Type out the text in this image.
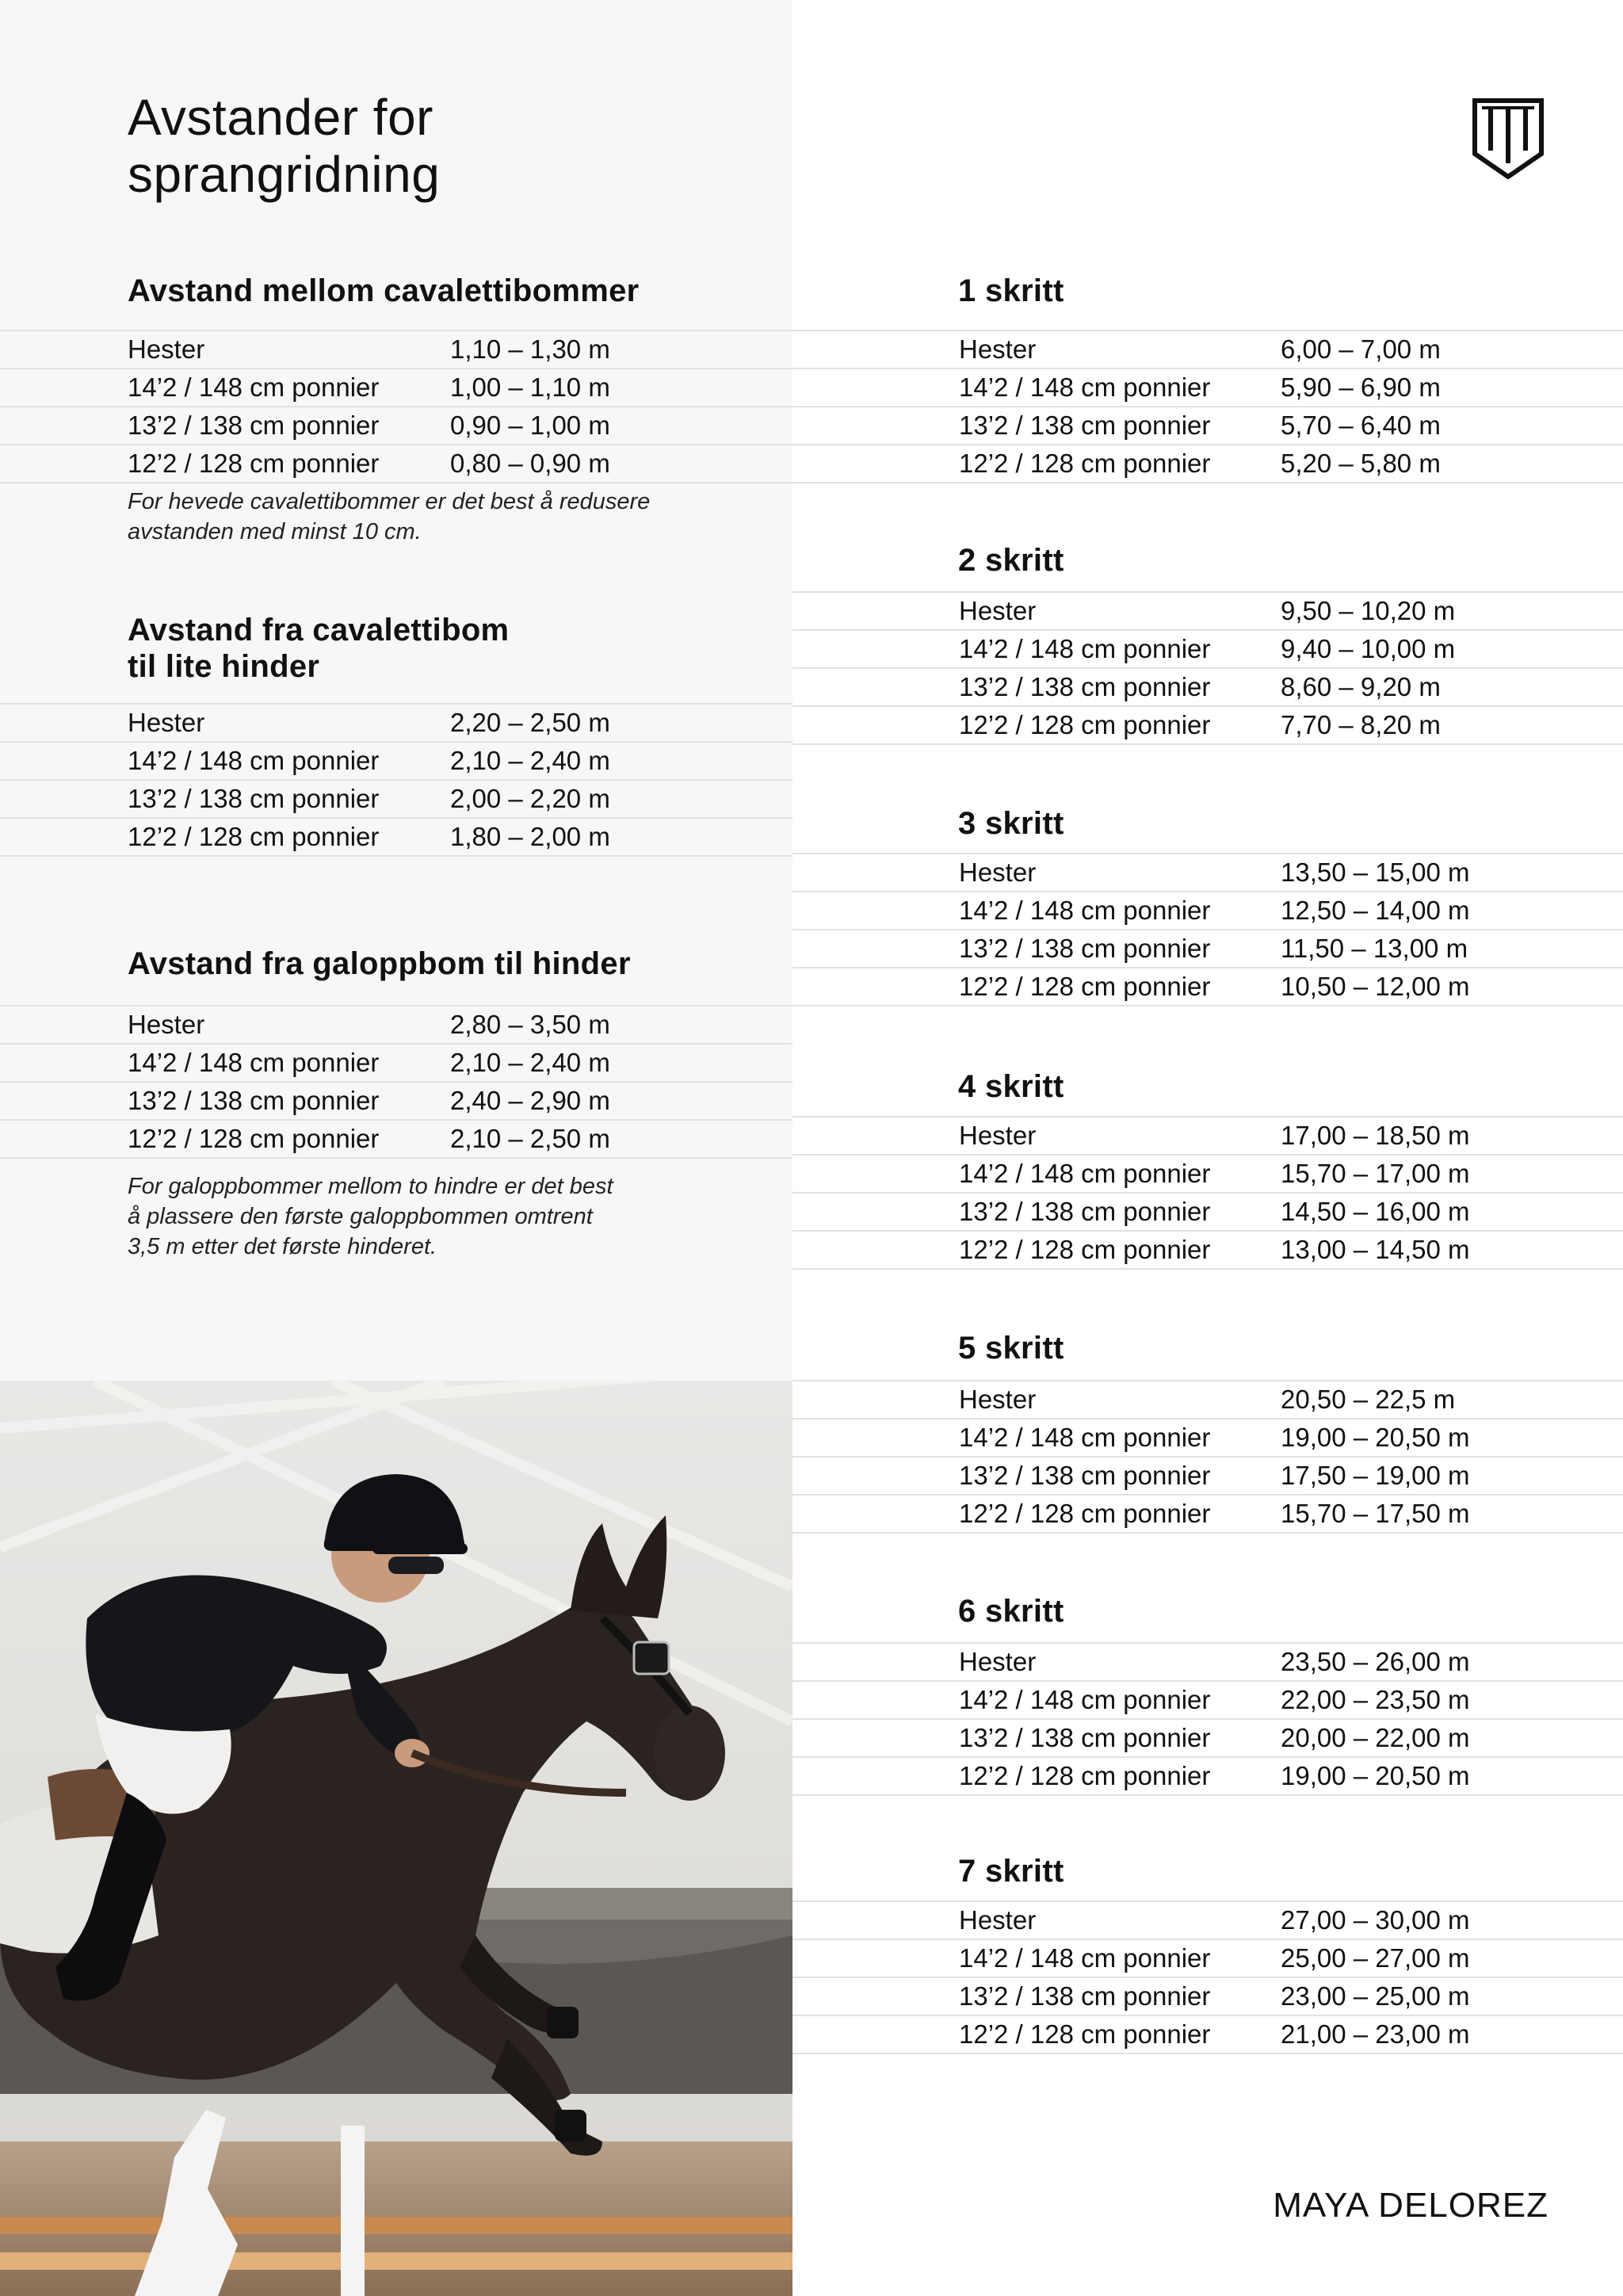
Avstander for
sprangridning
Avstand mellom cavalettibommer
Hester	1,10 – 1,30 m
14’2 / 148 cm ponnier	1,00 – 1,10 m
13’2 / 138 cm ponnier	0,90 – 1,00 m
12’2 / 128 cm ponnier	0,80 – 0,90 m

For hevede cavalettibommer er det best å redusere
avstanden med minst 10 cm.

Avstand fra cavalettibom
til lite hinder
Hester	2,20 – 2,50 m
14’2 / 148 cm ponnier	2,10 – 2,40 m
13’2 / 138 cm ponnier	2,00 – 2,20 m
12’2 / 128 cm ponnier	1,80 – 2,00 m
Avstand fra galoppbom til hinder
Hester	2,80 – 3,50 m
14’2 / 148 cm ponnier	2,10 – 2,40 m
13’2 / 138 cm ponnier	2,40 – 2,90 m
12’2 / 128 cm ponnier	2,10 – 2,50 m

For galoppbommer mellom to hindre er det best
å plassere den første galoppbommen omtrent
3,5 m etter det første hinderet.

1 skritt
Hester	6,00 – 7,00 m
14’2 / 148 cm ponnier	5,90 – 6,90 m
13’2 / 138 cm ponnier	5,70 – 6,40 m
12’2 / 128 cm ponnier	5,20 – 5,80 m
2 skritt
Hester	9,50 – 10,20 m
14’2 / 148 cm ponnier	9,40 – 10,00 m
13’2 / 138 cm ponnier	8,60 – 9,20 m
12’2 / 128 cm ponnier	7,70 – 8,20 m
3 skritt
Hester	13,50 – 15,00 m
14’2 / 148 cm ponnier	12,50 – 14,00 m
13’2 / 138 cm ponnier	11,50 – 13,00 m
12’2 / 128 cm ponnier	10,50 – 12,00 m
4 skritt
Hester	17,00 – 18,50 m
14’2 / 148 cm ponnier	15,70 – 17,00 m
13’2 / 138 cm ponnier	14,50 – 16,00 m
12’2 / 128 cm ponnier	13,00 – 14,50 m
5 skritt
Hester	20,50 – 22,5 m
14’2 / 148 cm ponnier	19,00 – 20,50 m
13’2 / 138 cm ponnier	17,50 – 19,00 m
12’2 / 128 cm ponnier	15,70 – 17,50 m
6 skritt
Hester	23,50 – 26,00 m
14’2 / 148 cm ponnier	22,00 – 23,50 m
13’2 / 138 cm ponnier	20,00 – 22,00 m
12’2 / 128 cm ponnier	19,00 – 20,50 m
7 skritt
Hester	27,00 – 30,00 m
14’2 / 148 cm ponnier	25,00 – 27,00 m
13’2 / 138 cm ponnier	23,00 – 25,00 m
12’2 / 128 cm ponnier	21,00 – 23,00 m

MAYA DELOREZ
